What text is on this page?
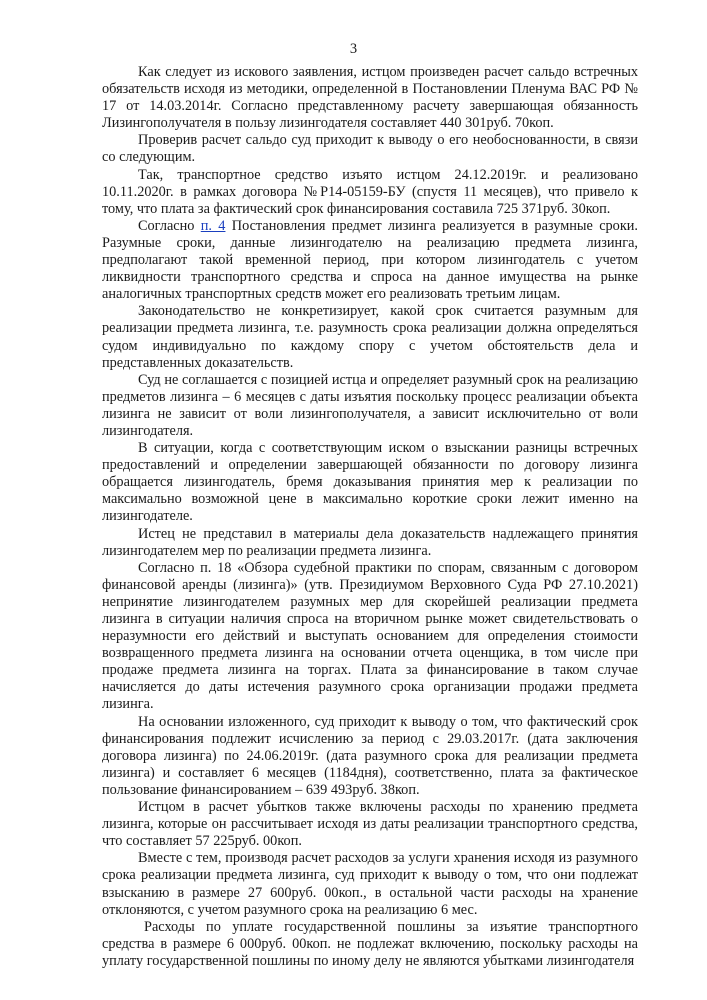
3

Как следует из искового заявления, истцом произведен расчет сальдо встречных обязательств исходя из методики, определенной в Постановлении Пленума ВАС РФ № 17 от 14.03.2014г. Согласно представленному расчету завершающая обязанность Лизингополучателя в пользу лизингодателя составляет 440 301руб. 70коп.

Проверив расчет сальдо суд приходит к выводу о его необоснованности, в связи со следующим.

Так, транспортное средство изъято истцом 24.12.2019г. и реализовано 10.11.2020г. в рамках договора №Р14-05159-БУ (спустя 11 месяцев), что привело к тому, что плата за фактический срок финансирования составила 725 371руб. 30коп.

Согласно п. 4 Постановления предмет лизинга реализуется в разумные сроки. Разумные сроки, данные лизингодателю на реализацию предмета лизинга, предполагают такой временной период, при котором лизингодатель с учетом ликвидности транспортного средства и спроса на данное имущества на рынке аналогичных транспортных средств может его реализовать третьим лицам.

Законодательство не конкретизирует, какой срок считается разумным для реализации предмета лизинга, т.е. разумность срока реализации должна определяться судом индивидуально по каждому спору с учетом обстоятельств дела и представленных доказательств.

Суд не соглашается с позицией истца и определяет разумный срок на реализацию предметов лизинга – 6 месяцев с даты изъятия поскольку процесс реализации объекта лизинга не зависит от воли лизингополучателя, а зависит исключительно от воли лизингодателя.

В ситуации, когда с соответствующим иском о взыскании разницы встречных предоставлений и определении завершающей обязанности по договору лизинга обращается лизингодатель, бремя доказывания принятия мер к реализации по максимально возможной цене в максимально короткие сроки лежит именно на лизингодателе.

Истец не представил в материалы дела доказательств надлежащего принятия лизингодателем мер по реализации предмета лизинга.

Согласно п. 18 «Обзора судебной практики по спорам, связанным с договором финансовой аренды (лизинга)» (утв. Президиумом Верховного Суда РФ 27.10.2021) непринятие лизингодателем разумных мер для скорейшей реализации предмета лизинга в ситуации наличия спроса на вторичном рынке может свидетельствовать о неразумности его действий и выступать основанием для определения стоимости возвращенного предмета лизинга на основании отчета оценщика, в том числе при продаже предмета лизинга на торгах. Плата за финансирование в таком случае начисляется до даты истечения разумного срока организации продажи предмета лизинга.

На основании изложенного, суд приходит к выводу о том, что фактический срок финансирования подлежит исчислению за период с 29.03.2017г. (дата заключения договора лизинга) по 24.06.2019г. (дата разумного срока для реализации предмета лизинга) и составляет 6 месяцев (1184дня), соответственно, плата за фактическое пользование финансированием – 639 493руб. 38коп.

Истцом в расчет убытков также включены расходы по хранению предмета лизинга, которые он рассчитывает исходя из даты реализации транспортного средства, что составляет 57 225руб. 00коп.

Вместе с тем, производя расчет расходов за услуги хранения исходя из разумного срока реализации предмета лизинга, суд приходит к выводу о том, что они подлежат взысканию в размере 27 600руб. 00коп., в остальной части расходы на хранение отклоняются, с учетом разумного срока на реализацию 6 мес.

Расходы по уплате государственной пошлины за изъятие транспортного средства в размере 6 000руб. 00коп. не подлежат включению, поскольку расходы на уплату государственной пошлины по иному делу не являются убытками лизингодателя
